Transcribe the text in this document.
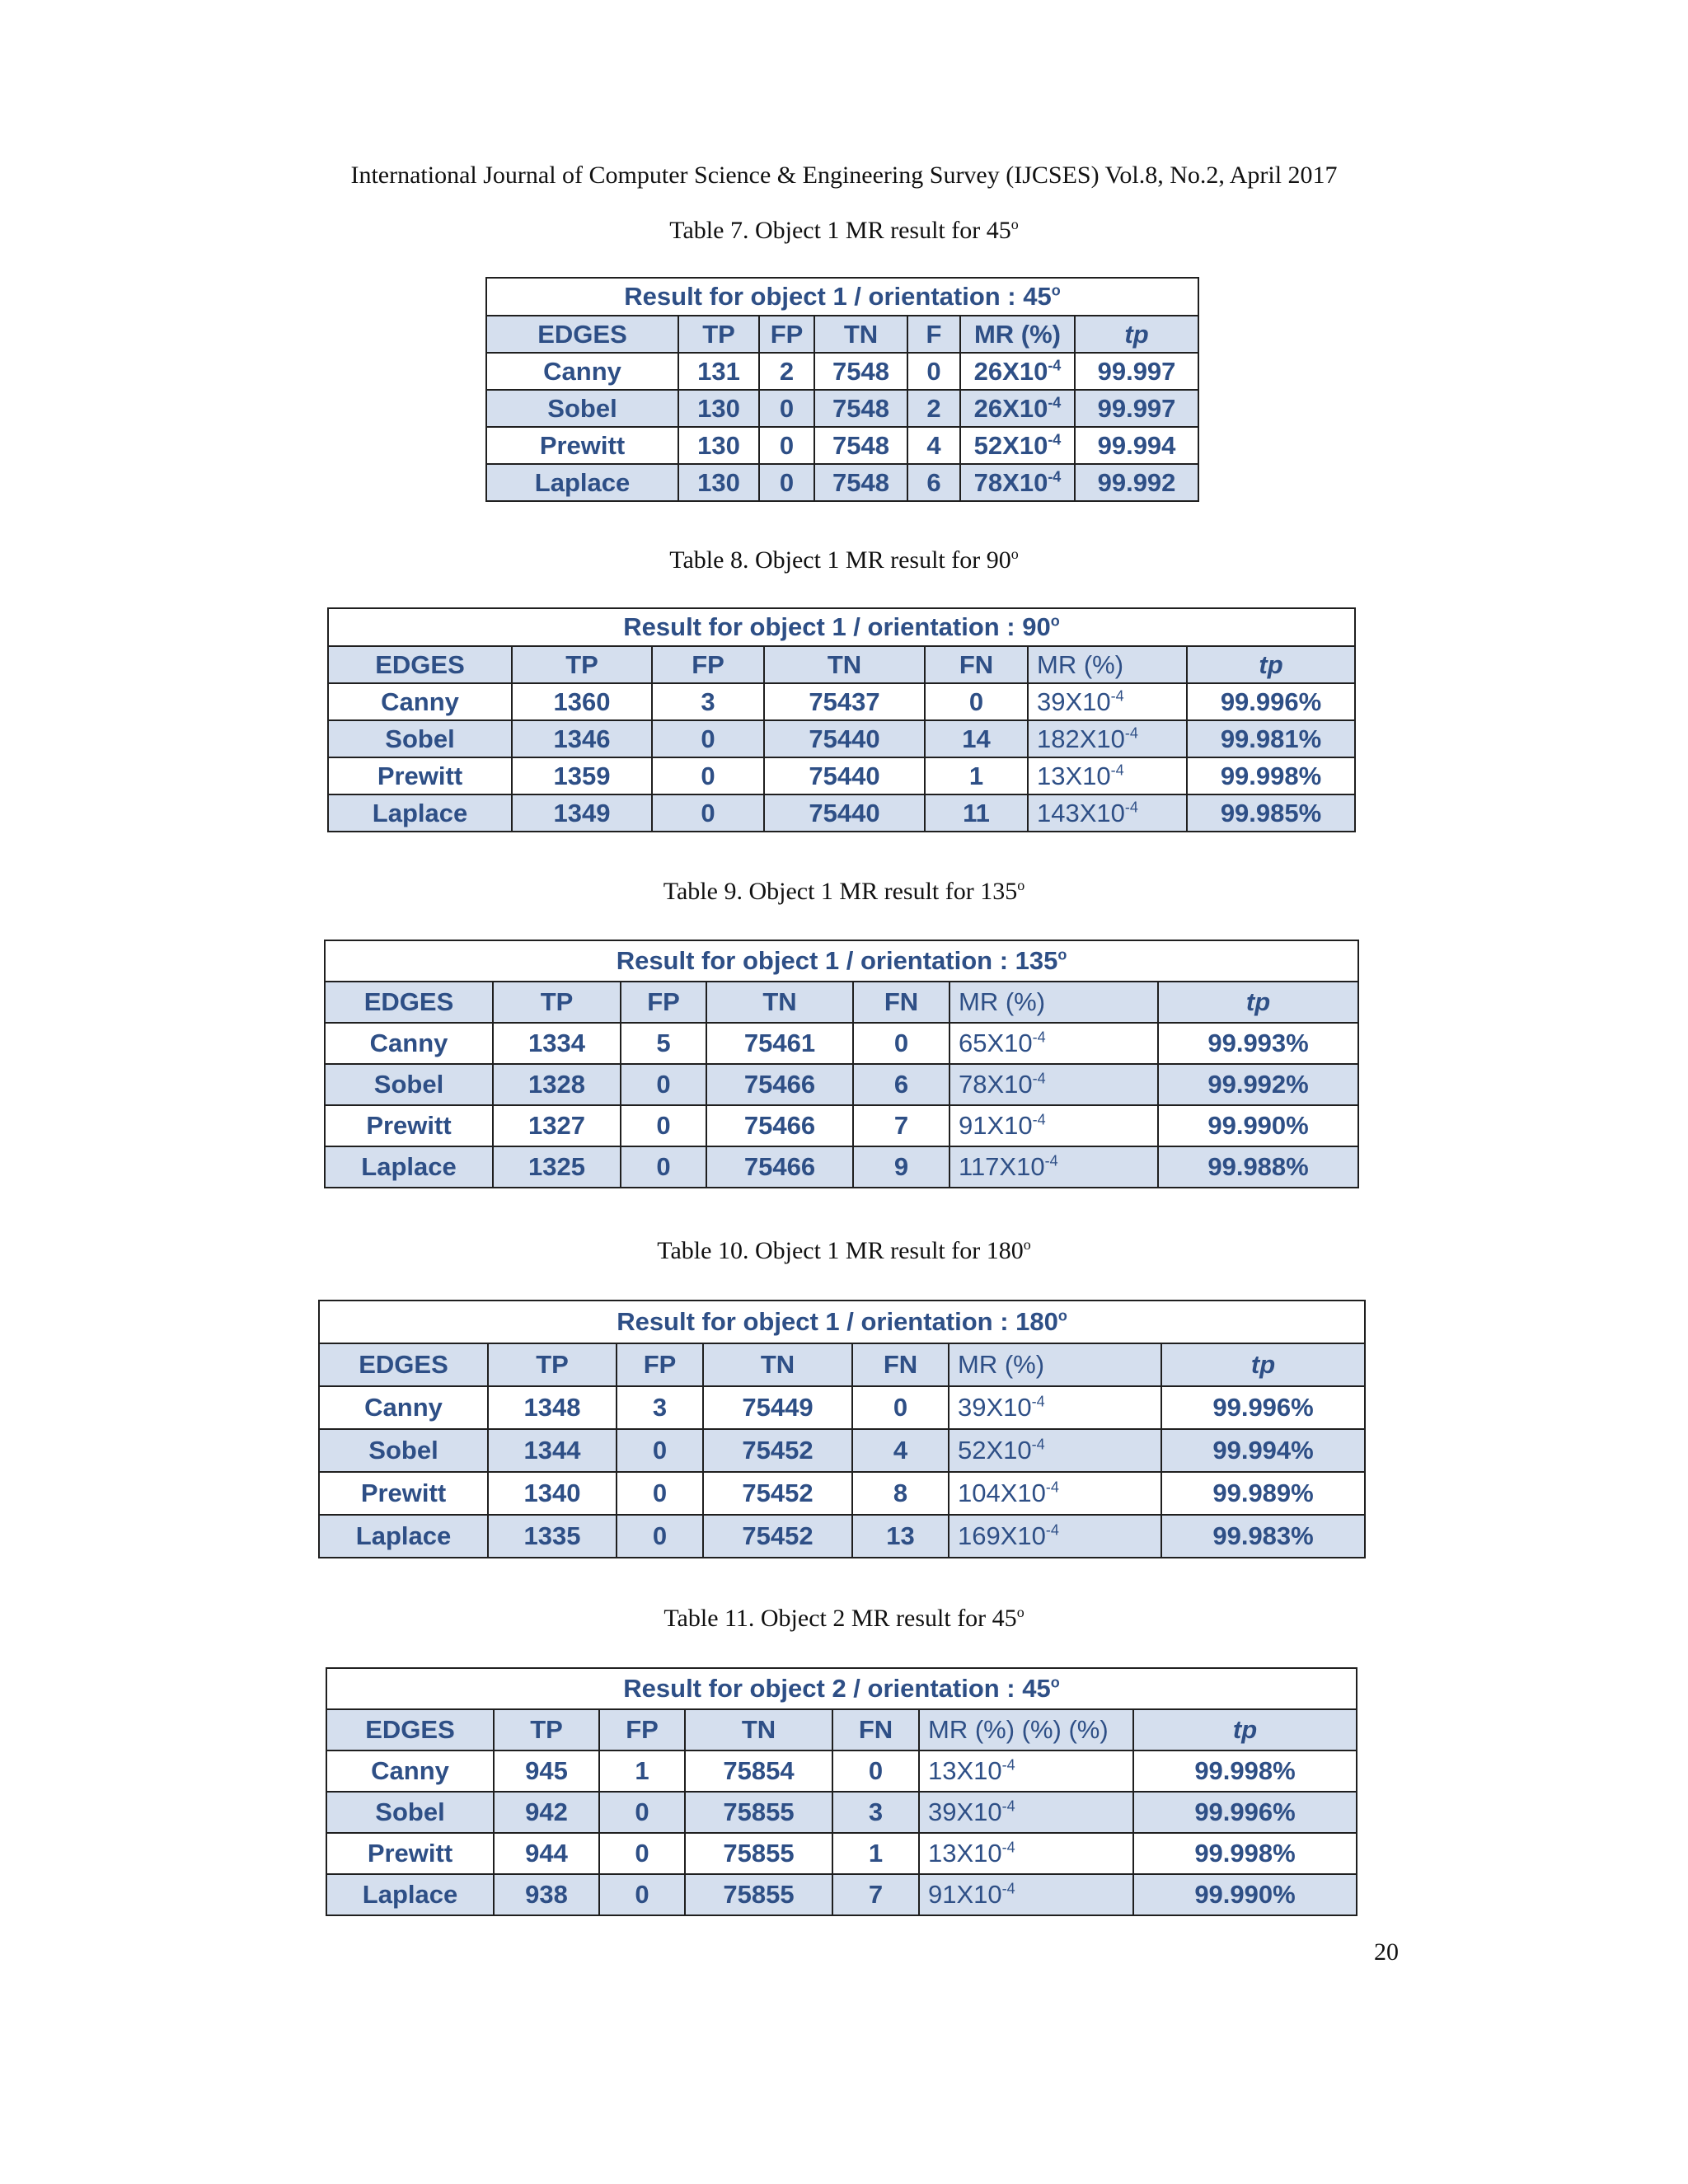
International Journal of Computer Science & Engineering Survey (IJCSES) Vol.8, No.2, April 2017
Table 7. Object 1 MR result for 45$^o$
Result for object 1 / orientation : 45$^o$
EDGES	TP	FP	TN	F	MR (%)	tp
Canny	131	2	7548	0	$26X10^{-4}$	99.997
Sobel	130	0	7548	2	$26X10^{-4}$	99.997
Prewitt	130	0	7548	4	$52X10^{-4}$	99.994
Laplace	130	0	7548	6	$78X10^{-4}$	99.992
Table 8. Object 1 MR result for 90$^o$
Result for object 1 / orientation : 90$^o$
EDGES	TP	FP	TN	FN	MR (%)	tp
Canny	1360	3	75437	0	$39X10^{-4}$	99.996%
Sobel	1346	0	75440	14	$182X10^{-4}$	99.981%
Prewitt	1359	0	75440	1	$13X10^{-4}$	99.998%
Laplace	1349	0	75440	11	$143X10^{-4}$	99.985%
Table 9. Object 1 MR result for 135$^o$
Result for object 1 / orientation : 135$^o$
EDGES	TP	FP	TN	FN	MR (%)	tp
Canny	1334	5	75461	0	$65X10^{-4}$	99.993%
Sobel	1328	0	75466	6	$78X10^{-4}$	99.992%
Prewitt	1327	0	75466	7	$91X10^{-4}$	99.990%
Laplace	1325	0	75466	9	$117X10^{-4}$	99.988%
Table 10. Object 1 MR result for 180$^o$
Result for object 1 / orientation : 180$^o$
EDGES	TP	FP	TN	FN	MR (%)	tp
Canny	1348	3	75449	0	$39X10^{-4}$	99.996%
Sobel	1344	0	75452	4	$52X10^{-4}$	99.994%
Prewitt	1340	0	75452	8	$104X10^{-4}$	99.989%
Laplace	1335	0	75452	13	$169X10^{-4}$	99.983%
Table 11. Object 2 MR result for 45$^o$
Result for object 2 / orientation : 45$^o$
EDGES	TP	FP	TN	FN	MR (%) (%) (%)	tp
Canny	945	1	75854	0	$13X10^{-4}$	99.998%
Sobel	942	0	75855	3	$39X10^{-4}$	99.996%
Prewitt	944	0	75855	1	$13X10^{-4}$	99.998%
Laplace	938	0	75855	7	$91X10^{-4}$	99.990%
20
